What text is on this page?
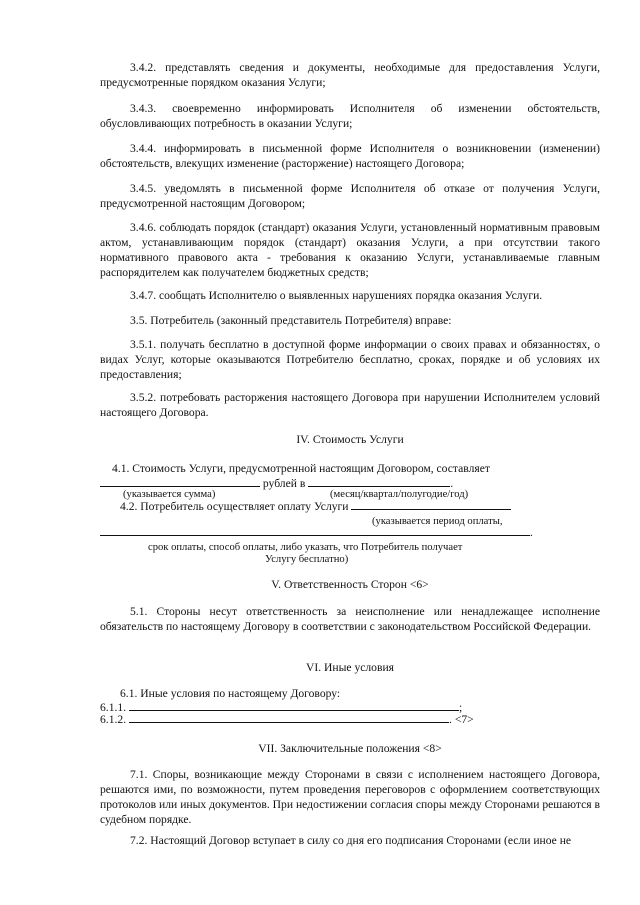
3.4.2. представлять сведения и документы, необходимые для предоставления Услуги, предусмотренные порядком оказания Услуги;
3.4.3. своевременно информировать Исполнителя об изменении обстоятельств, обусловливающих потребность в оказании Услуги;
3.4.4. информировать в письменной форме Исполнителя о возникновении (изменении) обстоятельств, влекущих изменение (расторжение) настоящего Договора;
3.4.5. уведомлять в письменной форме Исполнителя об отказе от получения Услуги, предусмотренной настоящим Договором;
3.4.6. соблюдать порядок (стандарт) оказания Услуги, установленный нормативным правовым актом, устанавливающим порядок (стандарт) оказания Услуги, а при отсутствии такого нормативного правового акта - требования к оказанию Услуги, устанавливаемые главным распорядителем как получателем бюджетных средств;
3.4.7. сообщать Исполнителю о выявленных нарушениях порядка оказания Услуги.
3.5. Потребитель (законный представитель Потребителя) вправе:
3.5.1. получать бесплатно в доступной форме информации о своих правах и обязанностях, о видах Услуг, которые оказываются Потребителю бесплатно, сроках, порядке и об условиях их предоставления;
3.5.2. потребовать расторжения настоящего Договора при нарушении Исполнителем условий настоящего Договора.
IV. Стоимость Услуги
4.1. Стоимость Услуги, предусмотренной настоящим Договором, составляет
рублей в	.
(указывается сумма)	(месяц/квартал/полугодие/год)
4.2. Потребитель осуществляет оплату Услуги
(указывается период оплаты,
.
срок оплаты, способ оплаты, либо указать, что Потребитель получает
Услугу бесплатно)
V. Ответственность Сторон <6>
5.1. Стороны несут ответственность за неисполнение или ненадлежащее исполнение обязательств по настоящему Договору в соответствии с законодательством Российской Федерации.
VI. Иные условия
6.1. Иные условия по настоящему Договору:
6.1.1.	;
6.1.2.	. <7>
VII. Заключительные положения <8>
7.1. Споры, возникающие между Сторонами в связи с исполнением настоящего Договора, решаются ими, по возможности, путем проведения переговоров с оформлением соответствующих протоколов или иных документов. При недостижении согласия споры между Сторонами решаются в судебном порядке.
7.2. Настоящий Договор вступает в силу со дня его подписания Сторонами (если иное не
